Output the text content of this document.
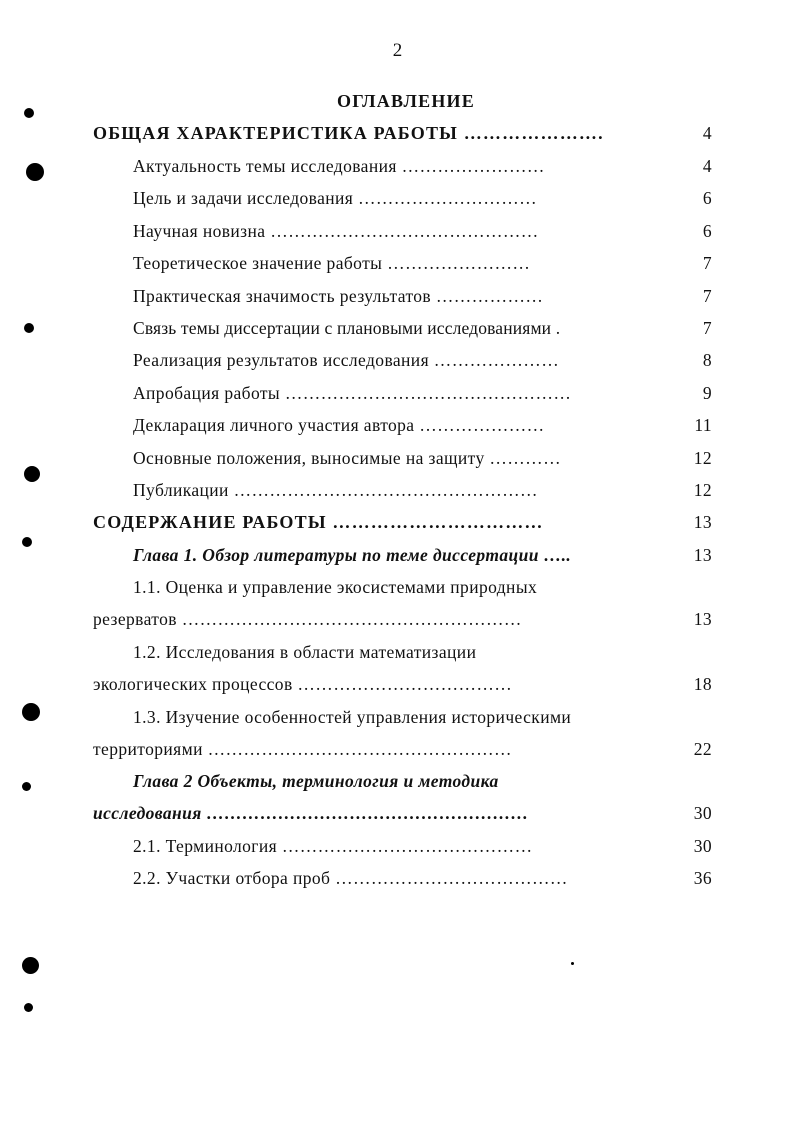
2
ОГЛАВЛЕНИЕ
ОБЩАЯ ХАРАКТЕРИСТИКА РАБОТЫ ………………….	4
Актуальность темы исследования ……………………	4
Цель и задачи исследования …………………………	6
Научная новизна ………………………………………	6
Теоретическое значение работы ……………………	7
Практическая значимость результатов ………………	7
Связь темы диссертации с плановыми исследованиями .	7
Реализация результатов исследования …………………	8
Апробация работы …………………………………………	9
Декларация личного участия автора …………………	11
Основные положения, выносимые на защиту …………	12
Публикации ……………………………………………	12
СОДЕРЖАНИЕ РАБОТЫ ……………………………	13
Глава 1. Обзор литературы по теме диссертации …..	13
1.1. Оценка и управление экосистемами природных
резерватов …………………………………………………	13
1.2. Исследования в области математизации
экологических процессов ………………………………	18
1.3. Изучение особенностей управления историческими
территориями ……………………………………………	22
Глава 2 Объекты, терминология и методика
исследования ………………………………………………	30
2.1. Терминология ……………………………………	30
2.2. Участки отбора проб …………………………………	36
